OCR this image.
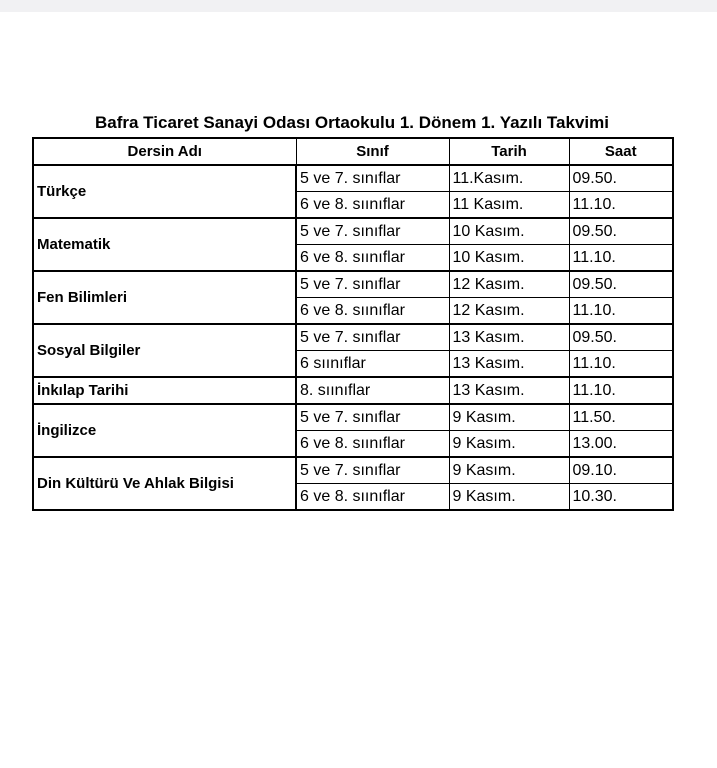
Bafra Ticaret Sanayi Odası Ortaokulu 1. Dönem 1. Yazılı Takvimi
Dersin Adı	Sınıf	Tarih	Saat
Türkçe	5 ve 7. sınıflar	11.Kasım.	09.50.
	6 ve 8. sıınıflar	11 Kasım.	11.10.
Matematik	5 ve 7. sınıflar	10 Kasım.	09.50.
	6 ve 8. sıınıflar	10 Kasım.	11.10.
Fen Bilimleri	5 ve 7. sınıflar	12 Kasım.	09.50.
	6 ve 8. sıınıflar	12 Kasım.	11.10.
Sosyal Bilgiler	5 ve 7. sınıflar	13 Kasım.	09.50.
	6 sıınıflar	13 Kasım.	11.10.
İnkılap Tarihi	8. sıınıflar	13 Kasım.	11.10.
İngilizce	5 ve 7. sınıflar	9 Kasım.	11.50.
	6 ve 8. sıınıflar	9 Kasım.	13.00.
Din Kültürü Ve Ahlak Bilgisi	5 ve 7. sınıflar	9 Kasım.	09.10.
	6 ve 8. sıınıflar	9 Kasım.	10.30.
